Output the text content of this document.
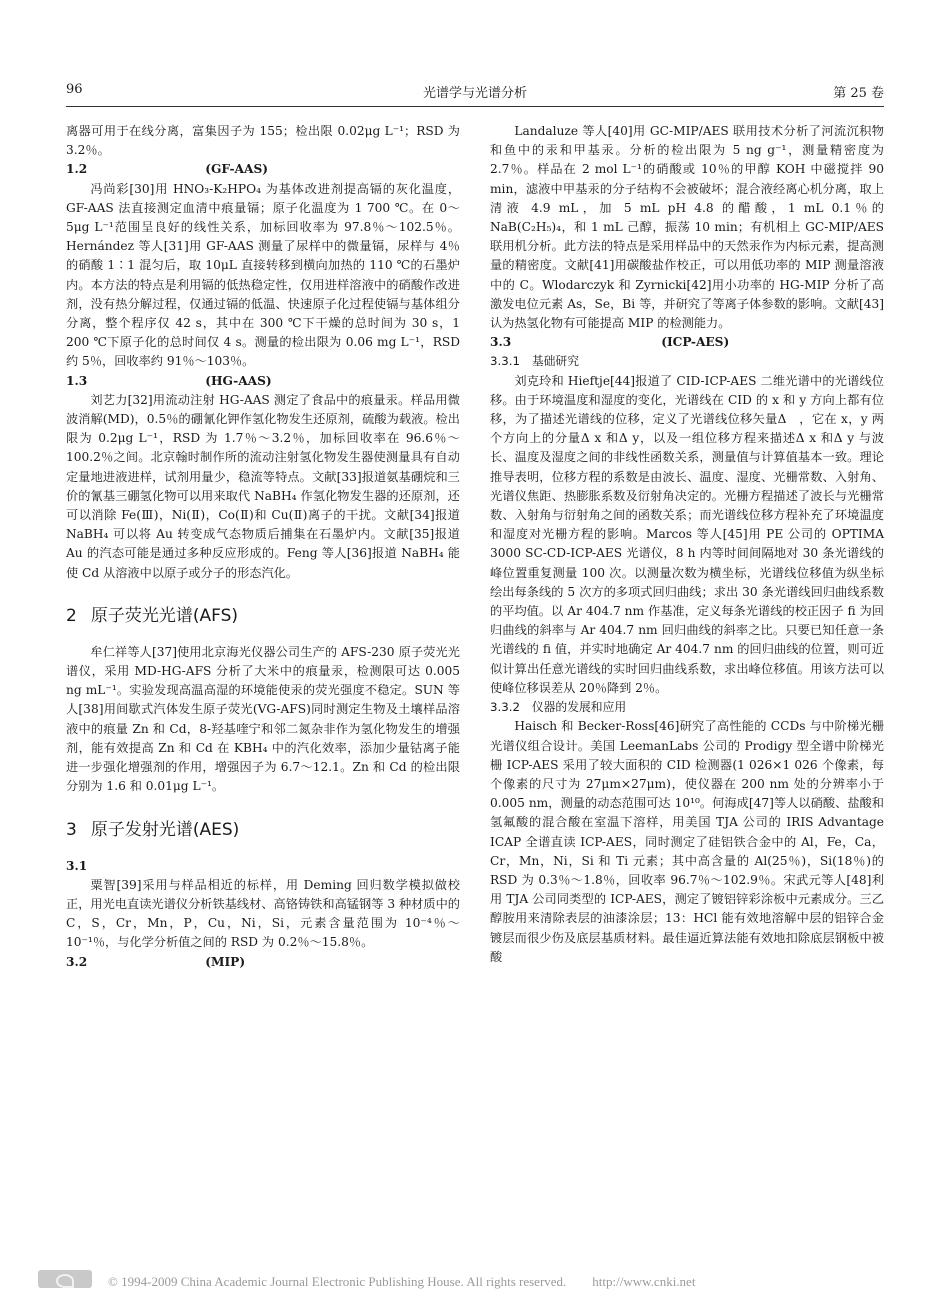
96	光谱学与光谱分析	第 25 卷

离器可用于在线分离，富集因子为 155；检出限 0.02μg L⁻¹；RSD 为 3.2％。

1.2	(GF-AAS)

冯尚彩[30]用 HNO₃-K₂HPO₄ 为基体改进剂提高镉的灰化温度，GF-AAS 法直接测定血清中痕量镉；原子化温度为 1 700 ℃。在 0～5μg L⁻¹范围呈良好的线性关系，加标回收率为 97.8％～102.5％。Hernández 等人[31]用 GF-AAS 测量了尿样中的微量镉，尿样与 4％的硝酸 1∶1 混匀后，取 10μL 直接转移到横向加热的 110 ℃的石墨炉内。本方法的特点是利用镉的低热稳定性，仅用进样溶液中的硝酸作改进剂，没有热分解过程，仅通过镉的低温、快速原子化过程使镉与基体组分分离，整个程序仅 42 s，其中在 300 ℃下干燥的总时间为 30 s，1 200 ℃下原子化的总时间仅 4 s。测量的检出限为 0.06 mg L⁻¹，RSD 约 5％，回收率约 91％～103％。

1.3	(HG-AAS)

刘艺力[32]用流动注射 HG-AAS 测定了食品中的痕量汞。样品用微波消解(MD)，0.5％的硼氰化钾作氢化物发生还原剂，硫酸为载液。检出限为 0.2μg L⁻¹，RSD 为 1.7％～3.2％，加标回收率在 96.6％～100.2％之间。北京翰时制作所的流动注射氢化物发生器使测量具有自动定量地进液进样，试剂用量少，稳流等特点。文献[33]报道氨基硼烷和三价的氰基三硼氢化物可以用来取代 NaBH₄ 作氢化物发生器的还原剂，还可以消除 Fe(Ⅲ)，Ni(Ⅱ)，Co(Ⅱ)和 Cu(Ⅱ)离子的干扰。文献[34]报道 NaBH₄ 可以将 Au 转变成气态物质后捕集在石墨炉内。文献[35]报道 Au 的汽态可能是通过多种反应形成的。Feng 等人[36]报道 NaBH₄ 能使 Cd 从溶液中以原子或分子的形态汽化。

2 原子荧光光谱(AFS)

牟仁祥等人[37]使用北京海光仪器公司生产的 AFS-230 原子荧光光谱仪，采用 MD-HG-AFS 分析了大米中的痕量汞，检测限可达 0.005 ng mL⁻¹。实验发现高温高湿的环境能使汞的荧光强度不稳定。SUN 等人[38]用间歇式汽体发生原子荧光(VG-AFS)同时测定生物及土壤样品溶液中的痕量 Zn 和 Cd，8-羟基喹宁和邻二氮杂非作为氢化物发生的增强剂，能有效提高 Zn 和 Cd 在 KBH₄ 中的汽化效率，添加少量钴离子能进一步强化增强剂的作用，增强因子为 6.7～12.1。Zn 和 Cd 的检出限分别为 1.6 和 0.01μg L⁻¹。

3 原子发射光谱(AES)

3.1

粟智[39]采用与样品相近的标样，用 Deming 回归数学模拟做校正，用光电直读光谱仪分析铁基线材、高铬铸铁和高锰钢等 3 种材质中的 C，S，Cr，Mn，P，Cu，Ni，Si，元素含量范围为 10⁻⁴％～10⁻¹％，与化学分析值之间的 RSD 为 0.2％～15.8％。

3.2	(MIP)

Landaluze 等人[40]用 GC-MIP/AES 联用技术分析了河流沉积物和鱼中的汞和甲基汞。分析的检出限为 5 ng g⁻¹，测量精密度为 2.7％。样品在 2 mol L⁻¹的硝酸或 10％的甲醇 KOH 中磁搅拌 90 min，滤液中甲基汞的分子结构不会被破坏；混合液经离心机分离，取上清液 4.9 mL，加 5 mL pH 4.8 的醋酸，1 mL 0.1％的 NaB(C₂H₅)₄，和 1 mL 己醇，振荡 10 min；有机相上 GC-MIP/AES 联用机分析。此方法的特点是采用样品中的天然汞作为内标元素，提高测量的精密度。文献[41]用碳酸盐作校正，可以用低功率的 MIP 测量溶液中的 C。Wlodarczyk 和 Zyrnicki[42]用小功率的 HG-MIP 分析了高激发电位元素 As，Se，Bi 等，并研究了等离子体参数的影响。文献[43]认为热氢化物有可能提高 MIP 的检测能力。

3.3	(ICP-AES)

3.3.1　基础研究

刘克玲和 Hieftje[44]报道了 CID-ICP-AES 二维光谱中的光谱线位移。由于环境温度和湿度的变化，光谱线在 CID 的 x 和 y 方向上都有位移，为了描述光谱线的位移，定义了光谱线位移矢量Δ　，它在 x，y 两个方向上的分量Δ x 和Δ y，以及一组位移方程来描述Δ x 和Δ y 与波长、温度及湿度之间的非线性函数关系，测量值与计算值基本一致。理论推导表明，位移方程的系数是由波长、温度、湿度、光栅常数、入射角、光谱仪焦距、热膨胀系数及衍射角决定的。光栅方程描述了波长与光栅常数、入射角与衍射角之间的函数关系；而光谱线位移方程补充了环境温度和湿度对光栅方程的影响。Marcos 等人[45]用 PE 公司的 OPTIMA 3000 SC-CD-ICP-AES 光谱仪，8 h 内等时间间隔地对 30 条光谱线的峰位置重复测量 100 次。以测量次数为横坐标，光谱线位移值为纵坐标绘出每条线的 5 次方的多项式回归曲线；求出 30 条光谱线回归曲线系数的平均值。以 Ar 404.7 nm 作基准，定义每条光谱线的校正因子 fi 为回归曲线的斜率与 Ar 404.7 nm 回归曲线的斜率之比。只要已知任意一条光谱线的 fi 值，并实时地确定 Ar 404.7 nm 的回归曲线的位置，则可近似计算出任意光谱线的实时回归曲线系数，求出峰位移值。用该方法可以使峰位移误差从 20％降到 2％。

3.3.2　仪器的发展和应用

Haisch 和 Becker-Ross[46]研究了高性能的 CCDs 与中阶梯光栅光谱仪组合设计。美国 LeemanLabs 公司的 Prodigy 型全谱中阶梯光栅 ICP-AES 采用了较大面积的 CID 检测器(1 026×1 026 个像素，每个像素的尺寸为 27μm×27μm)，使仪器在 200 nm 处的分辨率小于 0.005 nm，测量的动态范围可达 10¹⁰。何海成[47]等人以硝酸、盐酸和氢氟酸的混合酸在室温下溶样，用美国 TJA 公司的 IRIS Advantage ICAP 全谱直读 ICP-AES，同时测定了硅铝铁合金中的 Al，Fe，Ca，Cr，Mn，Ni，Si 和 Ti 元素；其中高含量的 Al(25％)，Si(18％)的 RSD 为 0.3％～1.8％，回收率 96.7％～102.9％。宋武元等人[48]利用 TJA 公司同类型的 ICP-AES，测定了镀铝锌彩涂板中元素成分。三乙醇胺用来清除表层的油漆涂层；13：HCl 能有效地溶解中层的铝锌合金镀层而很少伤及底层基质材料。最佳逼近算法能有效地扣除底层钢板中被酸

© 1994-2009 China Academic Journal Electronic Publishing House. All rights reserved.　　http://www.cnki.net
